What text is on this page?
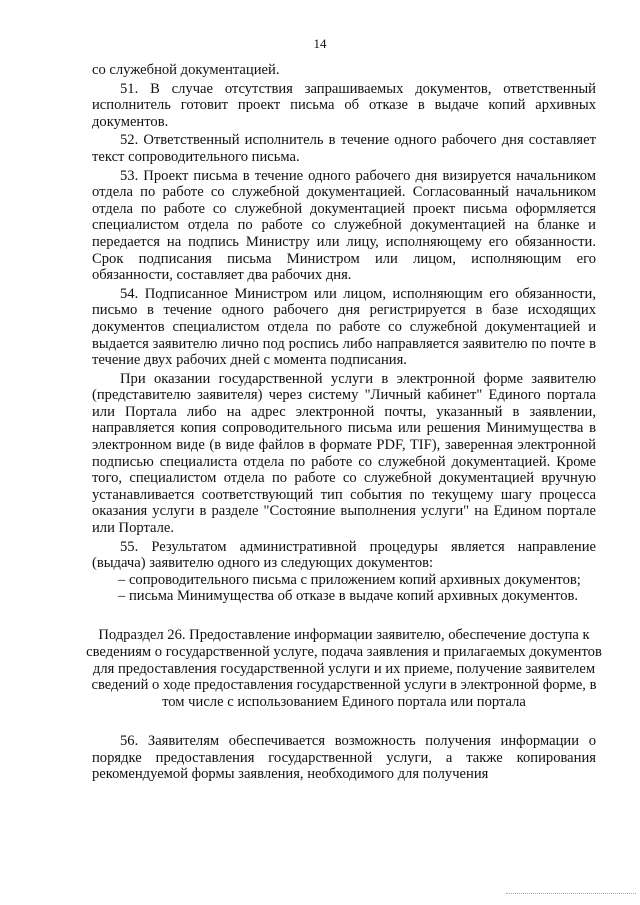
14

со служебной документацией.

51. В случае отсутствия запрашиваемых документов, ответственный исполнитель готовит проект письма об отказе в выдаче копий архивных документов.

52. Ответственный исполнитель в течение одного рабочего дня составляет текст сопроводительного письма.

53. Проект письма в течение одного рабочего дня визируется начальником отдела по работе со служебной документацией. Согласованный начальником отдела по работе со служебной документацией проект письма оформляется специалистом отдела по работе со служебной документацией на бланке и передается на подпись Министру или лицу, исполняющему его обязанности. Срок подписания письма Министром или лицом, исполняющим его обязанности, составляет два рабочих дня.

54. Подписанное Министром или лицом, исполняющим его обязанности, письмо в течение одного рабочего дня регистрируется в базе исходящих документов специалистом отдела по работе со служебной документацией и выдается заявителю лично под роспись либо направляется заявителю по почте в течение двух рабочих дней с момента подписания.

При оказании государственной услуги в электронной форме заявителю (представителю заявителя) через систему "Личный кабинет" Единого портала или Портала либо на адрес электронной почты, указанный в заявлении, направляется копия сопроводительного письма или решения Минимущества в электронном виде (в виде файлов в формате PDF, TIF), заверенная электронной подписью специалиста отдела по работе со служебной документацией. Кроме того, специалистом отдела по работе со служебной документацией вручную устанавливается соответствующий тип события по текущему шагу процесса оказания услуги в разделе "Состояние выполнения услуги" на Едином портале или Портале.

55. Результатом административной процедуры является направление (выдача) заявителю одного из следующих документов:

– сопроводительного письма с приложением копий архивных документов;

– письма Минимущества об отказе в выдаче копий архивных документов.

Подраздел 26. Предоставление информации заявителю, обеспечение доступа к сведениям о государственной услуге, подача заявления и прилагаемых документов для предоставления государственной услуги и их приеме, получение заявителем сведений о ходе предоставления государственной услуги в электронной форме, в том числе с использованием Единого портала или портала

56. Заявителям обеспечивается возможность получения информации о порядке предоставления государственной услуги, а также копирования рекомендуемой формы заявления, необходимого для получения
